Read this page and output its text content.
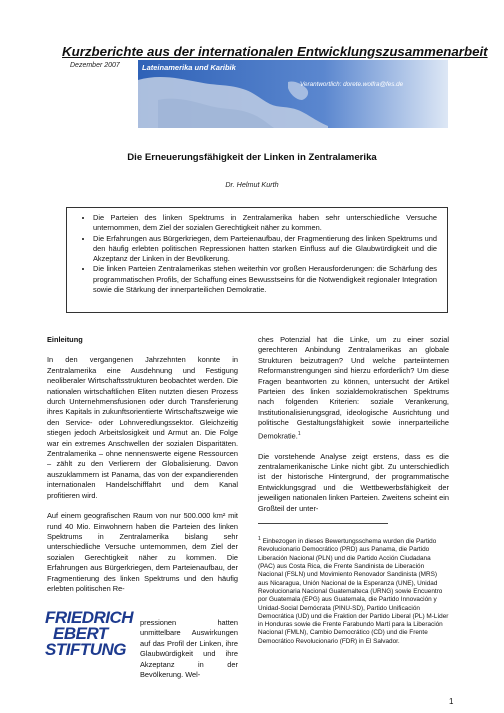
Kurzberichte aus der internationalen Entwicklungszusammenarbeit
Dezember 2007	Lateinamerika und Karibik
Verantwortlich: dorete.wolfra@fes.de
Die Erneuerungsfähigkeit der Linken in Zentralamerika
Dr. Helmut Kurth
• Die Parteien des linken Spektrums in Zentralamerika haben sehr unterschiedliche Versuche unternommen, dem Ziel der sozialen Gerechtigkeit näher zu kommen.
• Die Erfahrungen aus Bürgerkriegen, dem Parteienaufbau, der Fragmentierung des linken Spektrums und den häufig erlebten politischen Repressionen hatten starken Einfluss auf die Glaubwürdigkeit und die Akzeptanz der Linken in der Bevölkerung.
• Die linken Parteien Zentralamerikas stehen weiterhin vor großen Herausforderungen: die Schärfung des programmatischen Profils, der Schaffung eines Bewusstseins für die Notwendigkeit regionaler Integration sowie die Stärkung der innerparteilichen Demokratie.

Einleitung

In den vergangenen Jahrzehnten konnte in Zentralamerika eine Ausdehnung und Festigung neoliberaler Wirtschaftsstrukturen beobachtet werden. Die nationalen wirtschaftlichen Eliten nutzten diesen Prozess durch Unternehmensfusionen oder durch Transferierung ihres Kapitals in zukunftsorientierte Wirtschaftszweige wie den Service- oder Lohnveredlungssektor. Gleichzeitig stiegen jedoch Arbeitslosigkeit und Armut an. Die Folge war ein extremes Anschwellen der sozialen Disparitäten. Zentralamerika – ohne nennenswerte eigene Ressourcen – zählt zu den Verlierern der Globalisierung. Davon auszuklammern ist Panama, das von der expandierenden internationalen Handelschifffahrt und dem Kanal profitieren wird.

Auf einem geografischen Raum von nur 500.000 km² mit rund 40 Mio. Einwohnern haben die Parteien des linken Spektrums in Zentralamerika bislang sehr unterschiedliche Versuche unternommen, dem Ziel der sozialen Gerechtigkeit näher zu kommen. Die Erfahrungen aus Bürgerkriegen, dem Parteienaufbau, der Fragmentierung des linken Spektrums und den häufig erlebten politischen Re-

FRIEDRICH
EBERT
STIFTUNG
pressionen hatten unmittelbare Auswirkungen auf das Profil der Linken, ihre Glaubwürdigkeit und ihre Akzeptanz in der Bevölkerung. Wel-

ches Potenzial hat die Linke, um zu einer sozial gerechteren Anbindung Zentralamerikas an globale Strukturen beizutragen? Und welche parteiinternen Reformanstrengungen sind hierzu erforderlich? Um diese Fragen beantworten zu können, untersucht der Artikel Parteien des linken sozialdemokratischen Spektrums nach folgenden Kriterien: soziale Verankerung, Institutionalisierungsgrad, ideologische Ausrichtung und politische Gestaltungsfähigkeit sowie innerparteiliche Demokratie.$^1$

Die vorstehende Analyse zeigt erstens, dass es die zentralamerikanische Linke nicht gibt. Zu unterschiedlich ist der historische Hintergrund, der programmatische Entwicklungsgrad und die Wettbewerbsfähigkeit der jeweiligen nationalen linken Parteien. Zweitens scheint ein Großteil der unter-

$^1$ Einbezogen in dieses Bewertungsschema wurden die Partido Revolucionario Democrático (PRD) aus Panama, die Partido Liberación Nacional (PLN) und die Partido Acción Ciudadana (PAC) aus Costa Rica, die Frente Sandinista de Liberación Nacional (FSLN) und Movimiento Renovador Sandinista (MRS) aus Nicaragua, Unión Nacional de la Esperanza (UNE), Unidad Revolucionaria Nacional Guatemalteca (URNG) sowie Encuentro por Guatemala (EPG) aus Guatemala, die Partido Innovación y Unidad-Social Demócrata (PINU-SD), Partido Unificación Democrática (UD) und die Fraktion der Partido Liberal (PL) M-Líder in Honduras sowie die Frente Farabundo Martí para la Liberación Nacional (FMLN), Cambio Democrático (CD) und die Frente Democrático Revolucionario (FDR) in El Salvador.
1
